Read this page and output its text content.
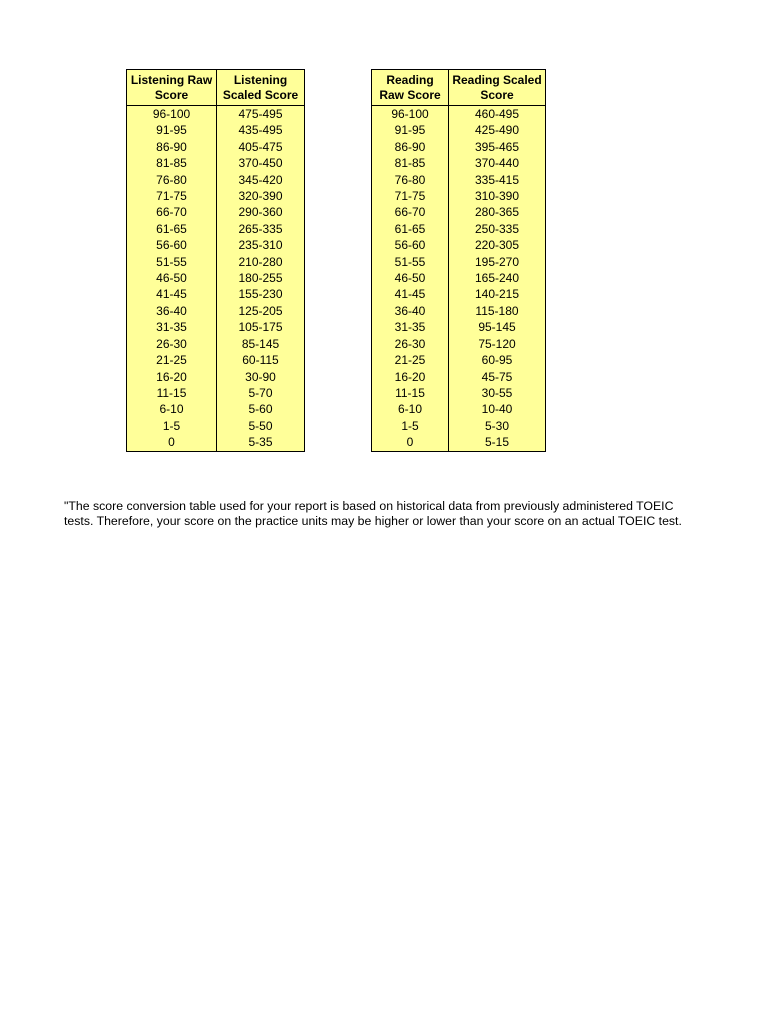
Listening Raw Score	Listening Scaled Score
96-100	475-495
91-95	435-495
86-90	405-475
81-85	370-450
76-80	345-420
71-75	320-390
66-70	290-360
61-65	265-335
56-60	235-310
51-55	210-280
46-50	180-255
41-45	155-230
36-40	125-205
31-35	105-175
26-30	85-145
21-25	60-115
16-20	30-90
11-15	5-70
6-10	5-60
1-5	5-50
0	5-35
Reading Raw Score	Reading Scaled Score
96-100	460-495
91-95	425-490
86-90	395-465
81-85	370-440
76-80	335-415
71-75	310-390
66-70	280-365
61-65	250-335
56-60	220-305
51-55	195-270
46-50	165-240
41-45	140-215
36-40	115-180
31-35	95-145
26-30	75-120
21-25	60-95
16-20	45-75
11-15	30-55
6-10	10-40
1-5	5-30
0	5-15

"The score conversion table used for your report is based on historical data from previously administered TOEIC tests. Therefore, your score on the practice units may be higher or lower than your score on an actual TOEIC test.
